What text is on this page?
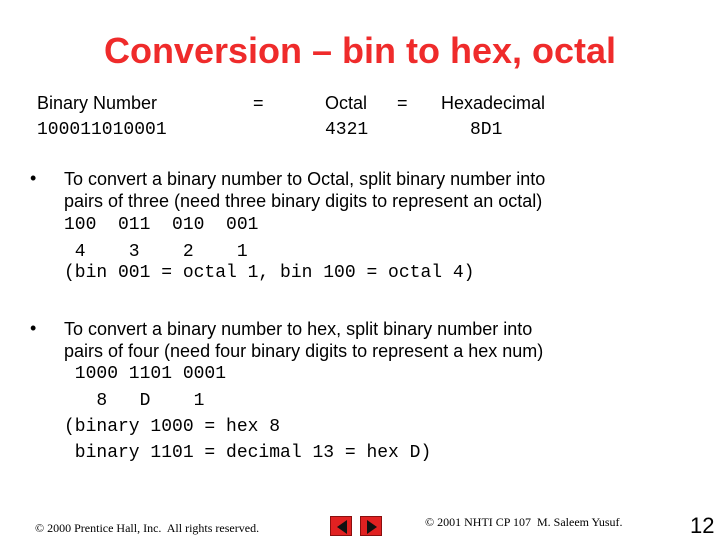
Conversion – bin to hex, octal
Binary Number	=	Octal = Hexadecimal
100011010001	4321	8D1
• To convert a binary number to Octal, split binary number into
pairs of three (need three binary digits to represent an octal)
100  011  010  001
4    3    2    1
(bin 001 = octal 1, bin 100 = octal 4)
• To convert a binary number to hex, split binary number into
pairs of four (need four binary digits to represent a hex num)
1000 1101 0001
8   D    1
(binary 1000 = hex 8
binary 1101 = decimal 13 = hex D)
© 2000 Prentice Hall, Inc.  All rights reserved.	© 2001 NHTI CP 107  M. Saleem Yusuf.	12
